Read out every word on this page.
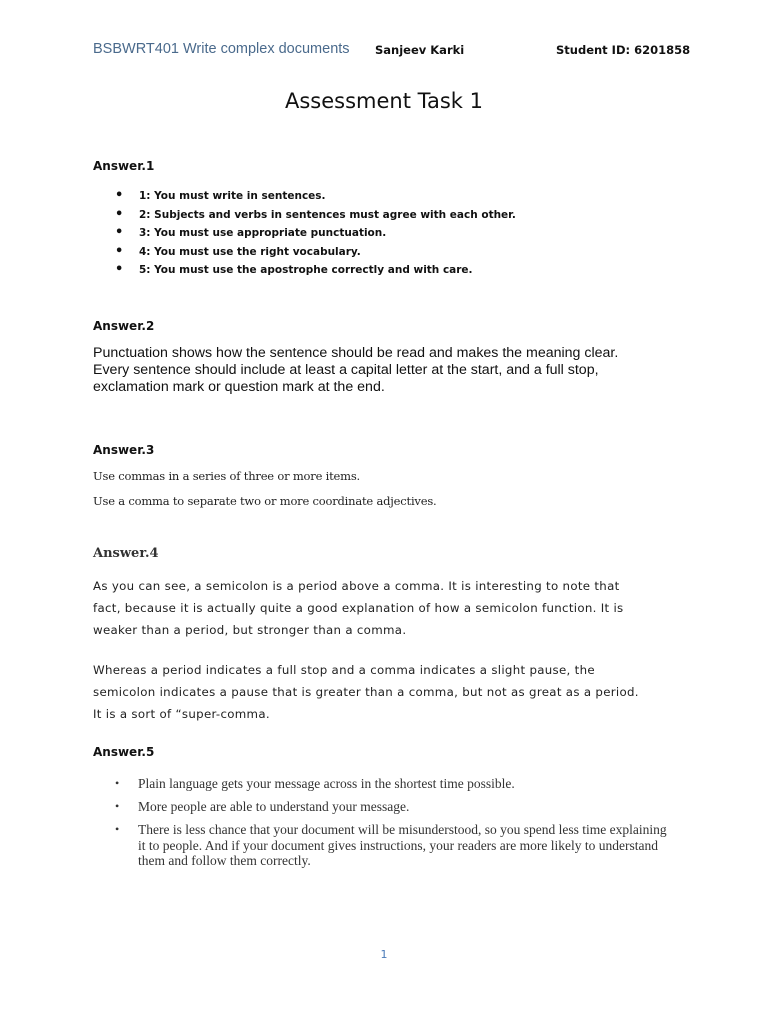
BSBWRT401 Write complex documents Sanjeev Karki	Student ID: 6201858
Assessment Task 1
Answer.1
• 1: You must write in sentences.
• 2: Subjects and verbs in sentences must agree with each other.
• 3: You must use appropriate punctuation.
• 4: You must use the right vocabulary.
• 5: You must use the apostrophe correctly and with care.
Answer.2
Punctuation shows how the sentence should be read and makes the meaning clear.
Every sentence should include at least a capital letter at the start, and a full stop,
exclamation mark or question mark at the end.
Answer.3
Use commas in a series of three or more items.
Use a comma to separate two or more coordinate adjectives.
Answer.4
As you can see, a semicolon is a period above a comma. It is interesting to note that
fact, because it is actually quite a good explanation of how a semicolon function. It is
weaker than a period, but stronger than a comma.
Whereas a period indicates a full stop and a comma indicates a slight pause, the
semicolon indicates a pause that is greater than a comma, but not as great as a period.
It is a sort of “super-comma.
Answer.5
• Plain language gets your message across in the shortest time possible.
• More people are able to understand your message.
• There is less chance that your document will be misunderstood, so you spend less time explaining it to people. And if your document gives instructions, your readers are more likely to understand them and follow them correctly.
1
